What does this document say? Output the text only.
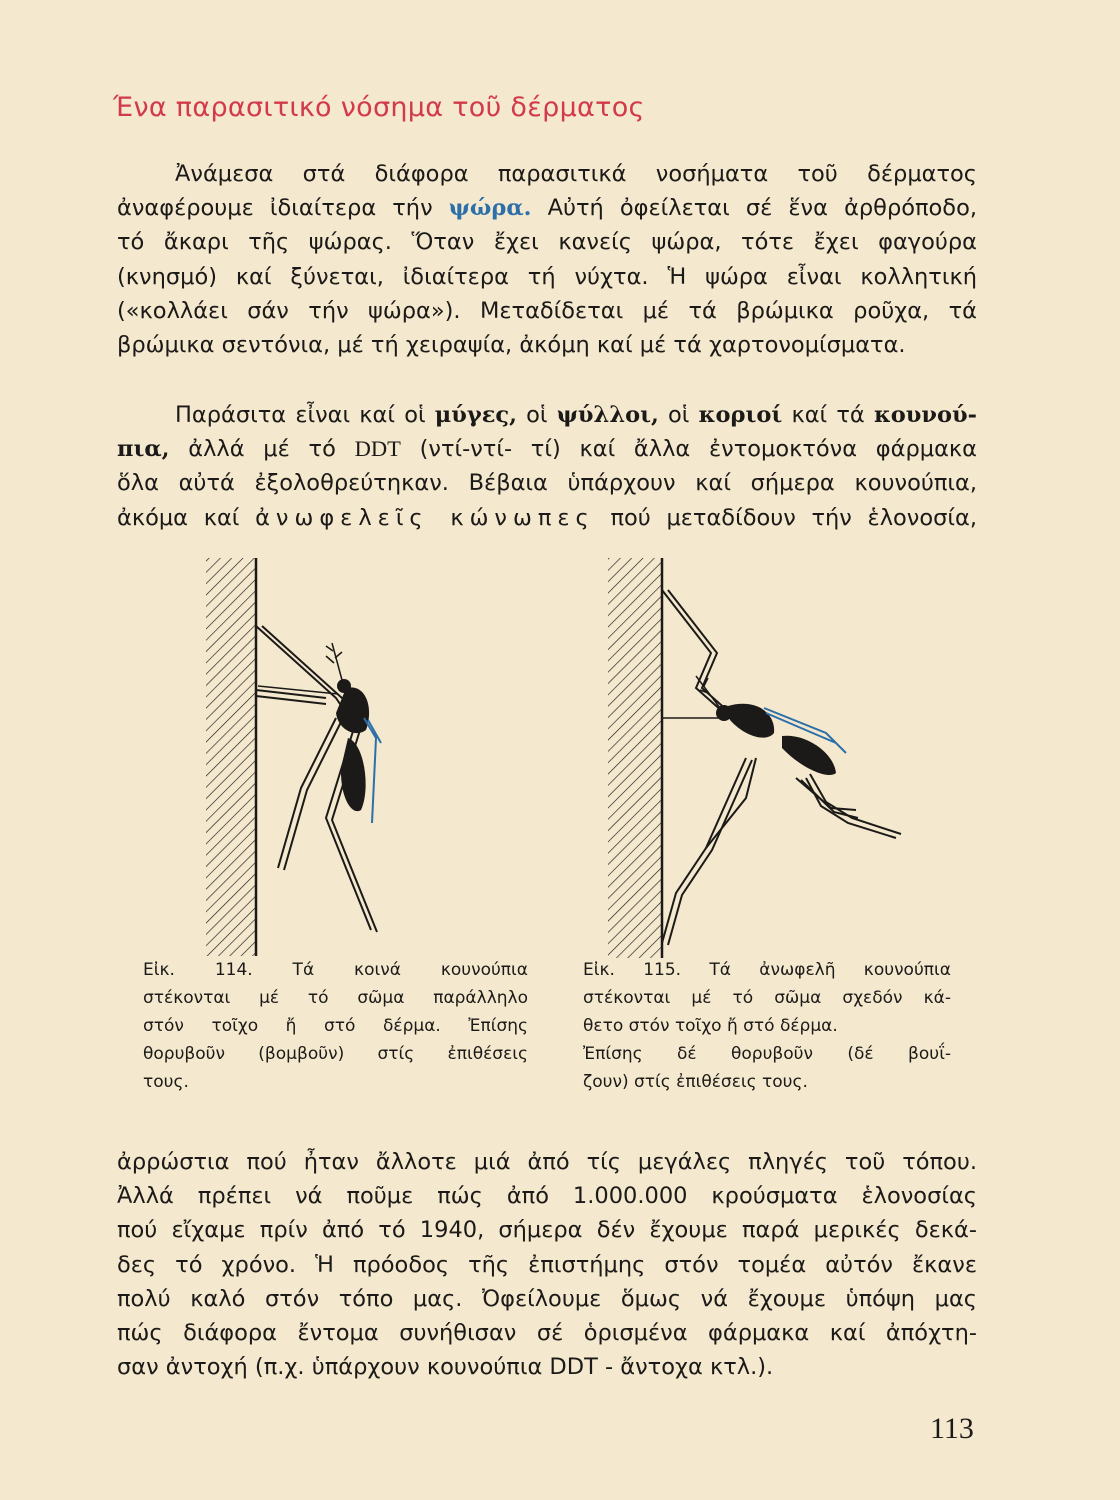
Ένα παρασιτικό νόσημα τοῦ δέρματος
Ἀνάμεσα στά διάφορα παρασιτικά νοσήματα τοῦ δέρματος
ἀναφέρουμε ἰδιαίτερα τήν ψώρα. Αὐτή ὀφείλεται σέ ἕνα ἀρθρόποδο,
τό ἄκαρι τῆς ψώρας. Ὅταν ἔχει κανείς ψώρα, τότε ἔχει φαγούρα
(κνησμό) καί ξύνεται, ἰδιαίτερα τή νύχτα. Ἡ ψώρα εἶναι κολλητική
(«κολλάει σάν τήν ψώρα»). Μεταδίδεται μέ τά βρώμικα ροῦχα, τά
βρώμικα σεντόνια, μέ τή χειραψία, ἀκόμη καί μέ τά χαρτονομίσματα.
Παράσιτα εἶναι καί οἱ μύγες, οἱ ψύλλοι, οἱ κοριοί καί τά κουνού-
πια, ἀλλά μέ τό DDT (ντί-ντί- τί) καί ἄλλα ἐντομοκτόνα φάρμακα
ὅλα αὐτά ἐξολοθρεύτηκαν. Βέβαια ὑπάρχουν καί σήμερα κουνούπια,
ἀκόμα καί ἀνωφελεῖς κώνωπες πού μεταδίδουν τήν ἑλονοσία,
Εἰκ. 114. Τά κοινά κουνούπια
στέκονται μέ τό σῶμα παράλληλο
στόν τοῖχο ἤ στό δέρμα. Ἐπίσης
θορυβοῦν (βομβοῦν) στίς ἐπιθέσεις
τους.
Εἰκ. 115. Τά ἀνωφελῆ κουνούπια
στέκονται μέ τό σῶμα σχεδόν κά-
θετο στόν τοῖχο ἤ στό δέρμα.
Ἐπίσης δέ θορυβοῦν (δέ βουΐ-
ζουν) στίς ἐπιθέσεις τους.
ἀρρώστια πού ἦταν ἄλλοτε μιά ἀπό τίς μεγάλες πληγές τοῦ τόπου.
Ἀλλά πρέπει νά ποῦμε πώς ἀπό 1.000.000 κρούσματα ἑλονοσίας
πού εἴχαμε πρίν ἀπό τό 1940, σήμερα δέν ἔχουμε παρά μερικές δεκά-
δες τό χρόνο. Ἡ πρόοδος τῆς ἐπιστήμης στόν τομέα αὐτόν ἔκανε
πολύ καλό στόν τόπο μας. Ὀφείλουμε ὅμως νά ἔχουμε ὑπόψη μας
πώς διάφορα ἔντομα συνήθισαν σέ ὁρισμένα φάρμακα καί ἀπόχτη-
σαν ἀντοχή (π.χ. ὑπάρχουν κουνούπια DDT - ἄντοχα κτλ.).
113
